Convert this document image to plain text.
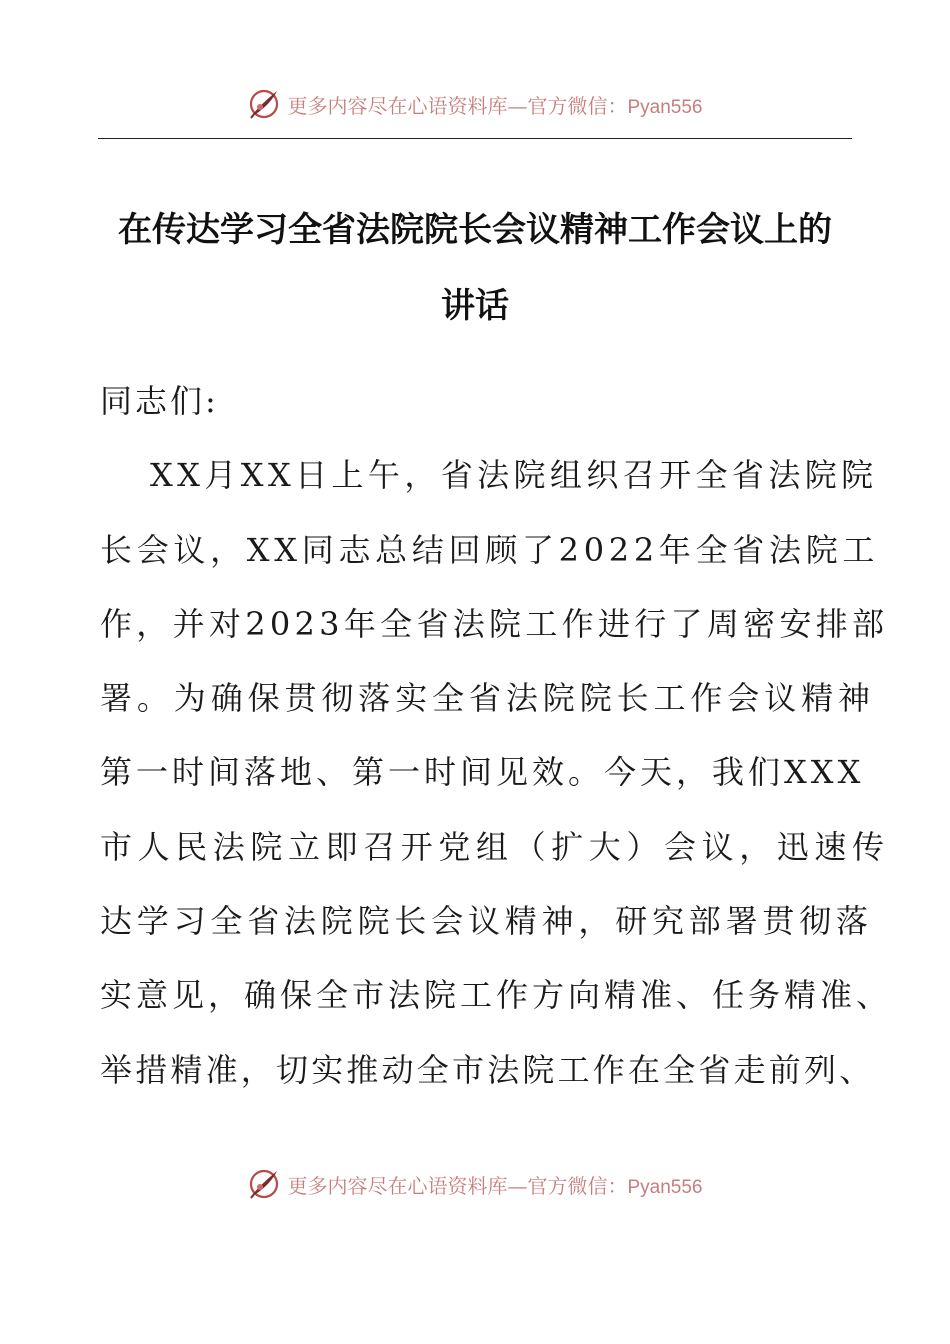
更多内容尽在心语资料库—官方微信：Pyan556
在传达学习全省法院院长会议精神工作会议上的
讲话
同志们:
XX月XX日上午，省法院组织召开全省法院院
长会议，XX同志总结回顾了2022年全省法院工
作，并对2023年全省法院工作进行了周密安排部
署。为确保贯彻落实全省法院院长工作会议精神
第一时间落地、第一时间见效。今天，我们XXX
市人民法院立即召开党组（扩大）会议，迅速传
达学习全省法院院长会议精神，研究部署贯彻落
实意见，确保全市法院工作方向精准、任务精准、
举措精准，切实推动全市法院工作在全省走前列、
更多内容尽在心语资料库—官方微信：Pyan556
